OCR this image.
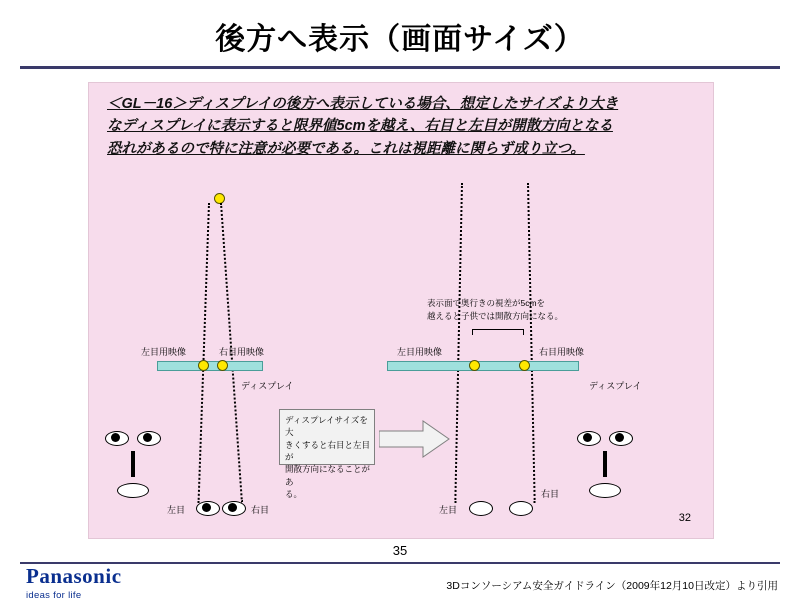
後方へ表示（画面サイズ）
＜GL－16＞ディスプレイの後方へ表示している場合、想定したサイズより大き
なディスプレイに表示すると限界値5cmを越え、右目と左目が開散方向となる
恐れがあるので特に注意が必要である。これは視距離に関らず成り立つ。
左目用映像	右目用映像
ディスプレイ
左目	右目
ディスプレイサイズを大
きくすると右目と左目が
開散方向になることがあ
る。
表示面で奥行きの視差が5cmを
越えると子供では開散方向になる。
左目用映像	右目用映像
ディスプレイ
左目
右目
32
35
Panasonic
ideas for life
3Dコンソーシアム安全ガイドライン（2009年12月10日改定）より引用
